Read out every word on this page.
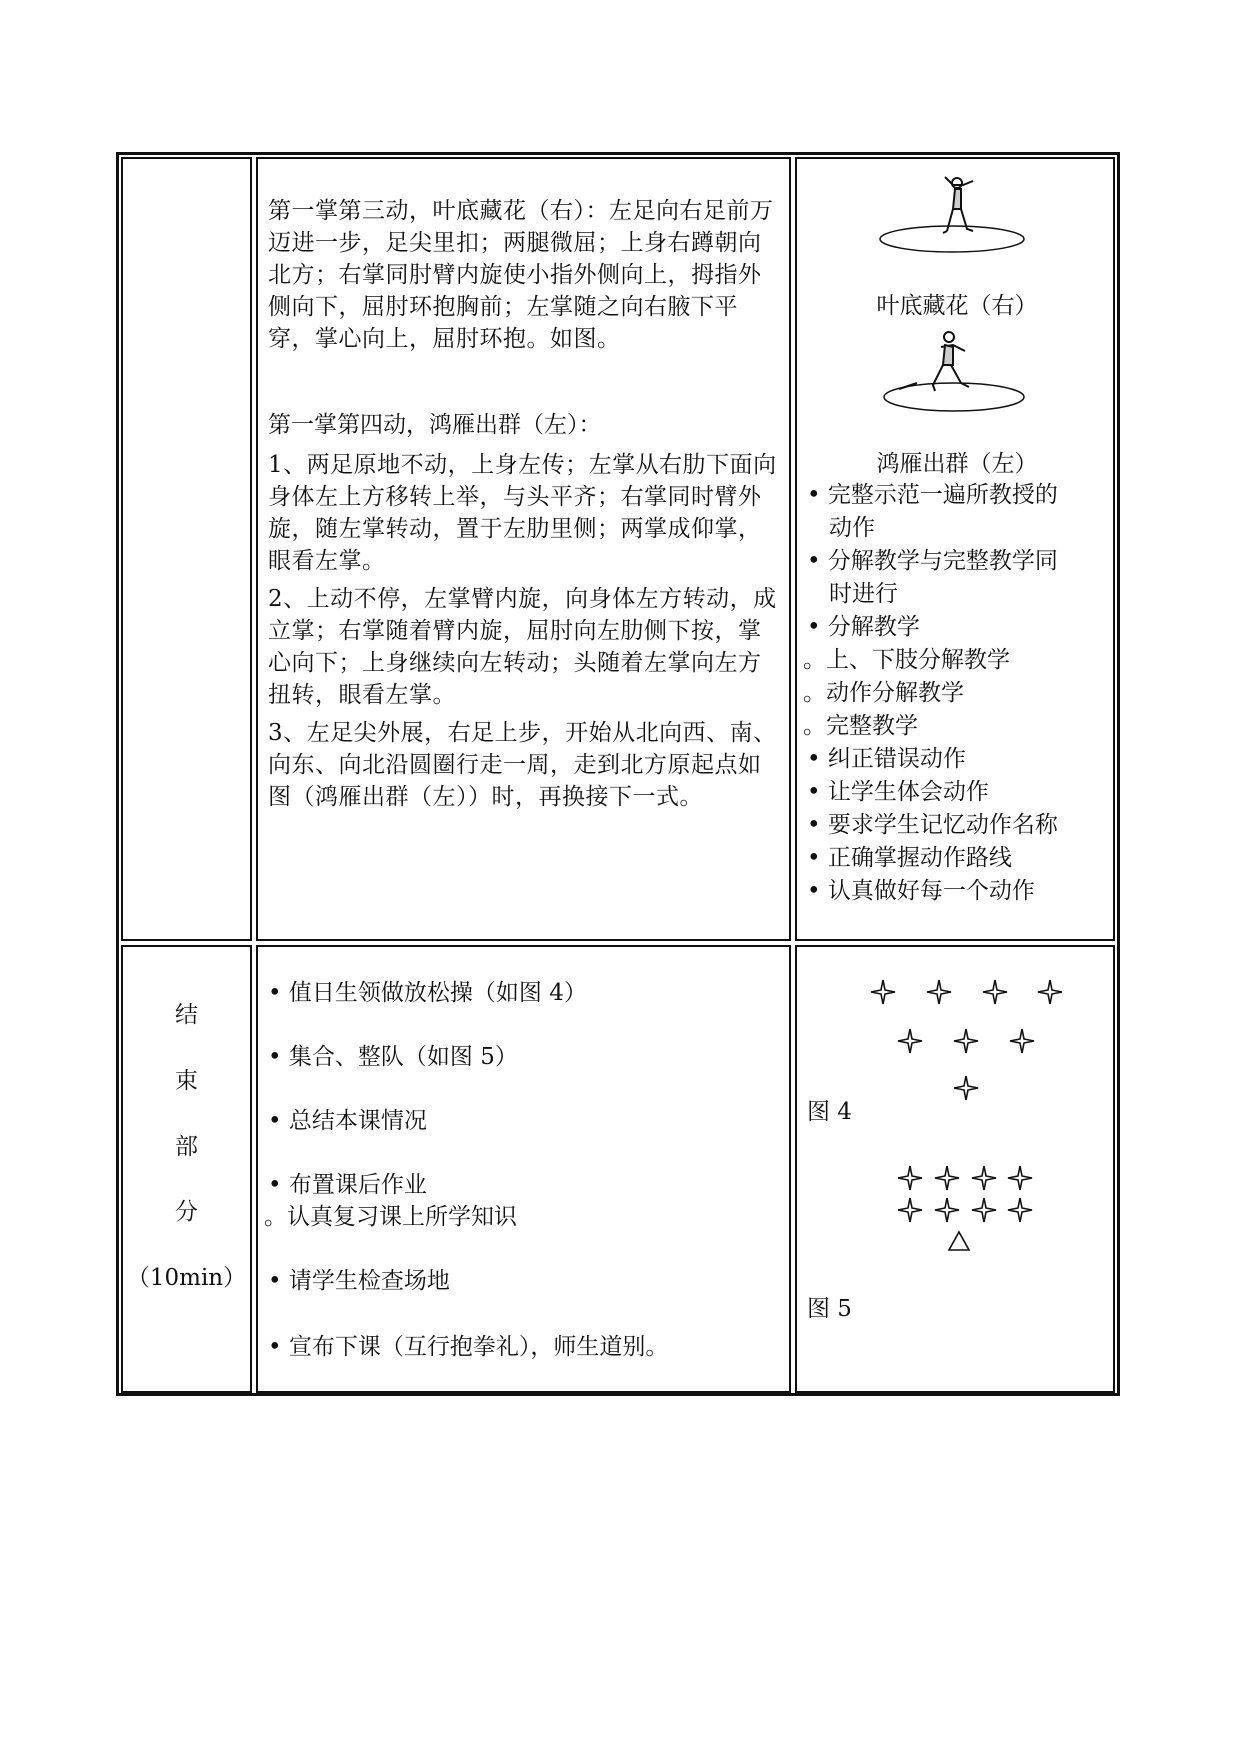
第一掌第三动，叶底藏花（右）：左足向右足前万迈进一步，足尖里扣；两腿微屈；上身右蹲朝向北方；右掌同肘臂内旋使小指外侧向上，拇指外侧向下，屈肘环抱胸前；左掌随之向右腋下平穿，掌心向上，屈肘环抱。如图。
第一掌第四动，鸿雁出群（左）：

1、两足原地不动，上身左传；左掌从右肋下面向身体左上方移转上举，与头平齐；右掌同时臂外旋，随左掌转动，置于左肋里侧；两掌成仰掌，眼看左掌。

2、上动不停，左掌臂内旋，向身体左方转动，成立掌；右掌随着臂内旋，屈肘向左肋侧下按，掌心向下；上身继续向左转动；头随着左掌向左方扭转，眼看左掌。

3、左足尖外展，右足上步，开始从北向西、南、向东、向北沿圆圈行走一周，走到北方原起点如图（鸿雁出群（左））时，再换接下一式。

叶底藏花（右）
鸿雁出群（左）
• 完整示范一遍所教授的
动作
• 分解教学与完整教学同
时进行
• 分解教学
。上、下肢分解教学
。动作分解教学
。完整教学
• 纠正错误动作
• 让学生体会动作
• 要求学生记忆动作名称
• 正确掌握动作路线
• 认真做好每一个动作
结
束
部
分
（10min）
• 值日生领做放松操（如图 4）
• 集合、整队（如图 5）
• 总结本课情况
• 布置课后作业
。认真复习课上所学知识
• 请学生检查场地
• 宣布下课（互行抱拳礼），师生道别。
图 4
图 5
